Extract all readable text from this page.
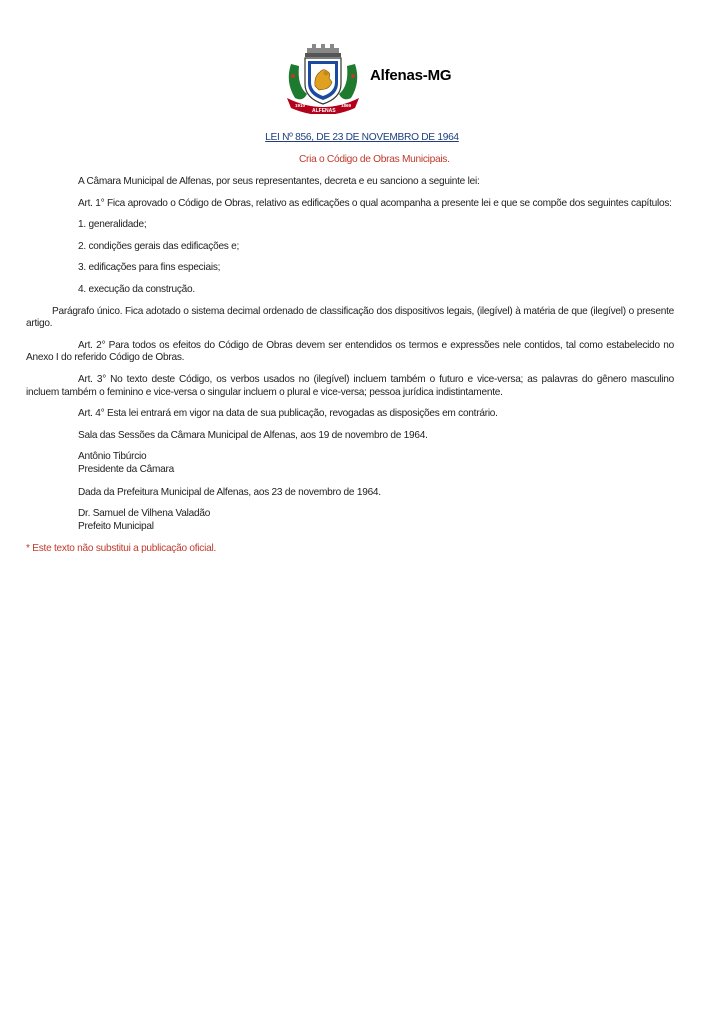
1910
ALFENAS
1869
Alfenas-MG
LEI Nº 856, DE 23 DE NOVEMBRO DE 1964
Cria o Código de Obras Municipais.

A Câmara Municipal de Alfenas, por seus representantes, decreta e eu sanciono a seguinte lei:

Art. 1° Fica aprovado o Código de Obras, relativo as edificações o qual acompanha a presente lei e que se compõe dos seguintes capítulos:

1. generalidade;

2. condições gerais das edificações e;

3. edificações para fins especiais;

4. execução da construção.

Parágrafo único. Fica adotado o sistema decimal ordenado de classificação dos dispositivos legais, (ilegível) à matéria de que (ilegível) o presente artigo.

Art. 2° Para todos os efeitos do Código de Obras devem ser entendidos os termos e expressões nele contidos, tal como estabelecido no Anexo I do referido Código de Obras.

Art. 3° No texto deste Código, os verbos usados no (ilegível) incluem também o futuro e vice-versa; as palavras do gênero masculino incluem também o feminino e vice-versa o singular incluem o plural e vice-versa; pessoa jurídica indistintamente.

Art. 4° Esta lei entrará em vigor na data de sua publicação, revogadas as disposições em contrário.

Sala das Sessões da Câmara Municipal de Alfenas, aos 19 de novembro de 1964.

Antônio Tibúrcio
Presidente da Câmara

Dada da Prefeitura Municipal de Alfenas, aos 23 de novembro de 1964.

Dr. Samuel de Vilhena Valadão
Prefeito Municipal

* Este texto não substitui a publicação oficial.
